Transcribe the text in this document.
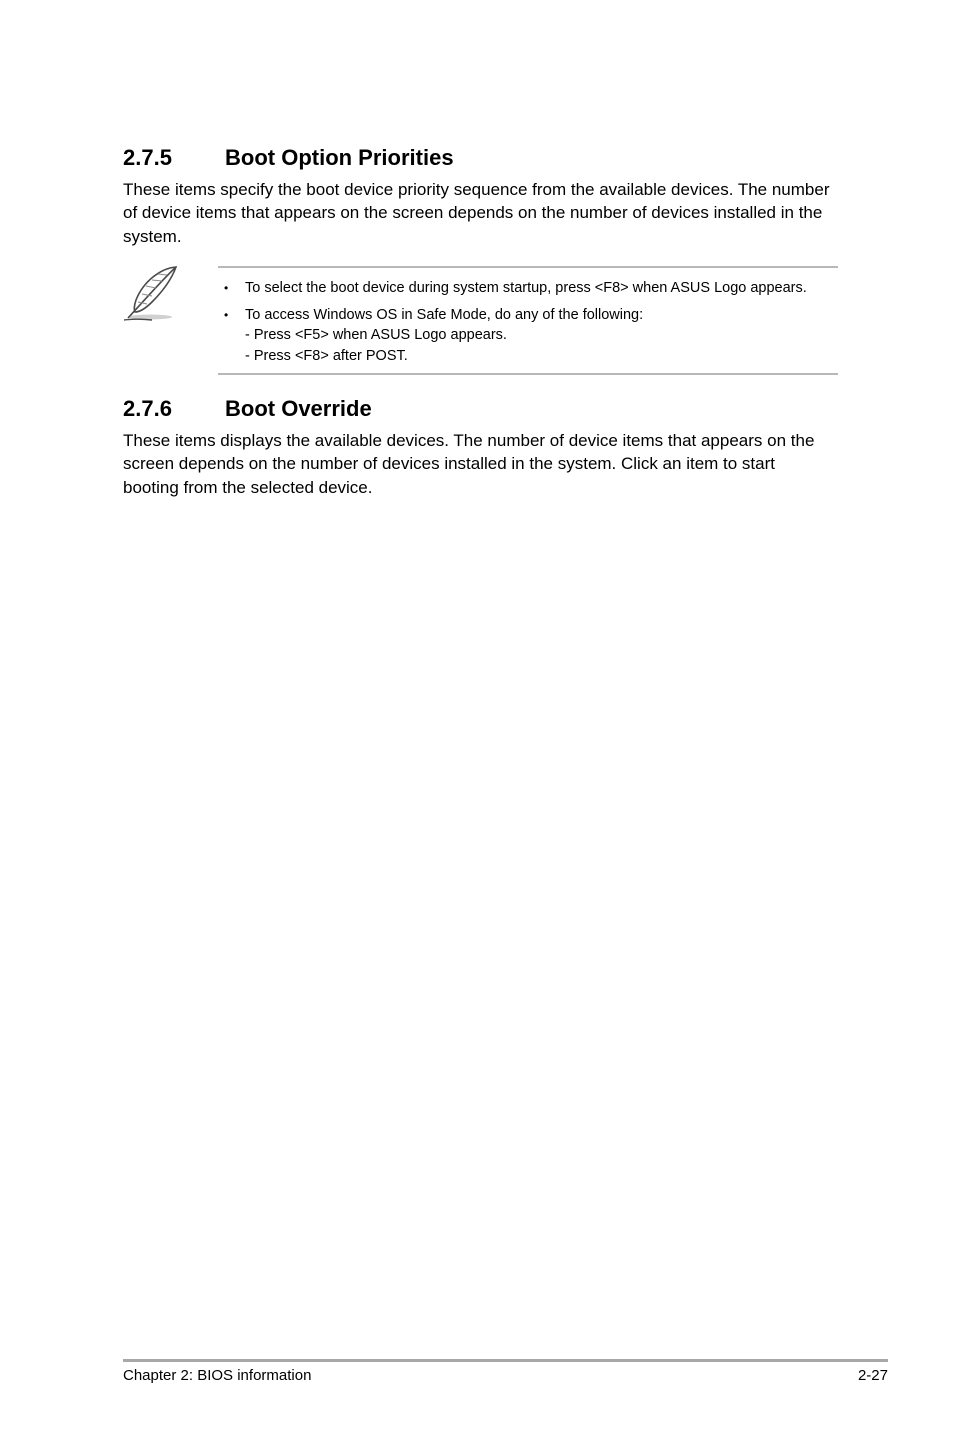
2.7.5 Boot Option Priorities

These items specify the boot device priority sequence from the available devices. The number of device items that appears on the screen depends on the number of devices installed in the system.

• To select the boot device during system startup, press <F8> when ASUS Logo appears.
• To access Windows OS in Safe Mode, do any of the following:
- Press <F5> when ASUS Logo appears.
- Press <F8> after POST.
2.7.6 Boot Override

These items displays the available devices. The number of device items that appears on the screen depends on the number of devices installed in the system. Click an item to start booting from the selected device.

Chapter 2: BIOS information	2-27
